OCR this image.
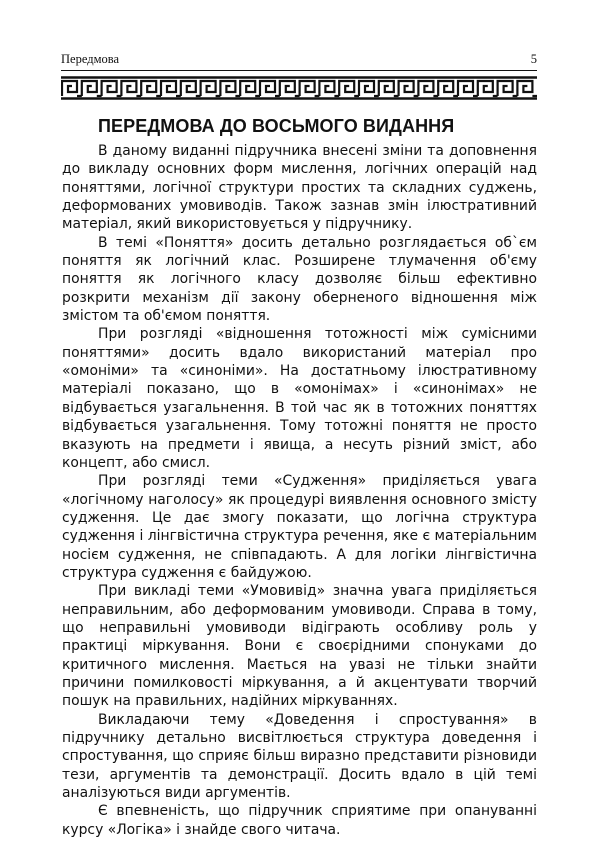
Передмова	5
ПЕРЕДМОВА ДО ВОСЬМОГО ВИДАННЯ

В даному виданні підручника внесені зміни та доповнення до викладу основних форм мислення, логічних операцій над поняттями, логічної структури простих та складних суджень, деформованих умовиводів. Також зазнав змін ілюстративний матеріал, який використовується у підручнику.

В темі «Поняття» досить детально розглядається об`єм поняття як логічний клас. Розширене тлумачення об'єму поняття як логічного класу дозволяє більш ефективно розкрити механізм дії закону оберненого відношення між змістом та об'ємом поняття.

При розгляді «відношення тотожності між сумісними поняттями» досить вдало використаний матеріал про «омоніми» та «синоніми». На достатньому ілюстративному матеріалі показано, що в «омонімах» і «синонімах» не відбувається узагальнення. В той час як в тотожних поняттях відбувається узагальнення. Тому тотожні поняття не просто вказують на предмети і явища, а несуть різний зміст, або концепт, або смисл.

При розгляді теми «Судження» приділяється увага «логічному наголосу» як процедурі виявлення основного змісту судження. Це дає змогу показати, що логічна структура судження і лінгвістична структура речення, яке є матеріальним носієм судження, не співпадають. А для логіки лінгвістична структура судження є байдужою.

При викладі теми «Умовивід» значна увага приділяється неправильним, або деформованим умовиводи. Справа в тому, що неправильні умовиводи відіграють особливу роль у практиці міркування. Вони є своєрідними спонуками до критичного мислення. Мається на увазі не тільки знайти причини помилковості міркування, а й акцентувати творчий пошук на правильних, надійних міркуваннях.

Викладаючи тему «Доведення і спростування» в підручнику детально висвітлюється структура доведення і спростування, що сприяє більш виразно представити різновиди тези, аргументів та демонстрації. Досить вдало в цій темі аналізуються види аргументів.

Є впевненість, що підручник сприятиме при опануванні курсу «Логіка» і знайде свого читача.
